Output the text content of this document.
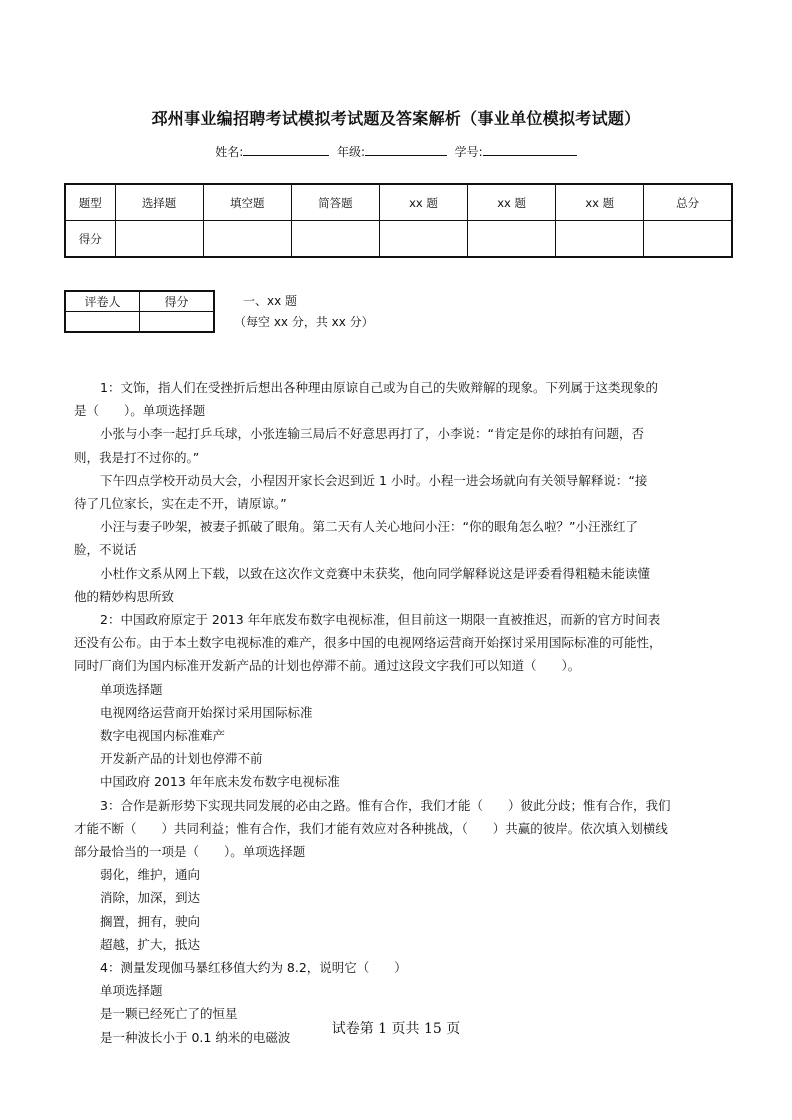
邳州事业编招聘考试模拟考试题及答案解析（事业单位模拟考试题）
姓名:	年级:	学号:
题型	选择题	填空题	简答题	xx 题	xx 题	xx 题	总分
得分							
评卷人	得分
		一、xx 题
（每空 xx 分，共 xx 分）

1：文饰，指人们在受挫折后想出各种理由原谅自己或为自己的失败辩解的现象。下列属于这类现象的

是（　　）。单项选择题

小张与小李一起打乒乓球，小张连输三局后不好意思再打了，小李说：“肯定是你的球拍有问题，否

则，我是打不过你的。”

下午四点学校开动员大会，小程因开家长会迟到近 1 小时。小程一进会场就向有关领导解释说：“接

待了几位家长，实在走不开，请原谅。”

小汪与妻子吵架，被妻子抓破了眼角。第二天有人关心地问小汪：“你的眼角怎么啦？”小汪涨红了

脸，不说话

小杜作文系从网上下载，以致在这次作文竞赛中未获奖，他向同学解释说这是评委看得粗糙未能读懂

他的精妙构思所致

2：中国政府原定于 2013 年年底发布数字电视标准，但目前这一期限一直被推迟，而新的官方时间表

还没有公布。由于本土数字电视标准的难产，很多中国的电视网络运营商开始探讨采用国际标准的可能性，

同时厂商们为国内标准开发新产品的计划也停滞不前。通过这段文字我们可以知道（　　）。

单项选择题

电视网络运营商开始探讨采用国际标准

数字电视国内标准难产

开发新产品的计划也停滞不前

中国政府 2013 年年底未发布数字电视标准

3：合作是新形势下实现共同发展的必由之路。惟有合作，我们才能（　　）彼此分歧；惟有合作，我们

才能不断（　　）共同利益；惟有合作，我们才能有效应对各种挑战，（　　）共赢的彼岸。依次填入划横线

部分最恰当的一项是（　　）。单项选择题

弱化，维护，通向

消除，加深，到达

搁置，拥有，驶向

超越，扩大，抵达

4：测量发现伽马暴红移值大约为 8.2，说明它（　　）

单项选择题

是一颗已经死亡了的恒星

是一种波长小于 0.1 纳米的电磁波

试卷第 1 页共 15 页
